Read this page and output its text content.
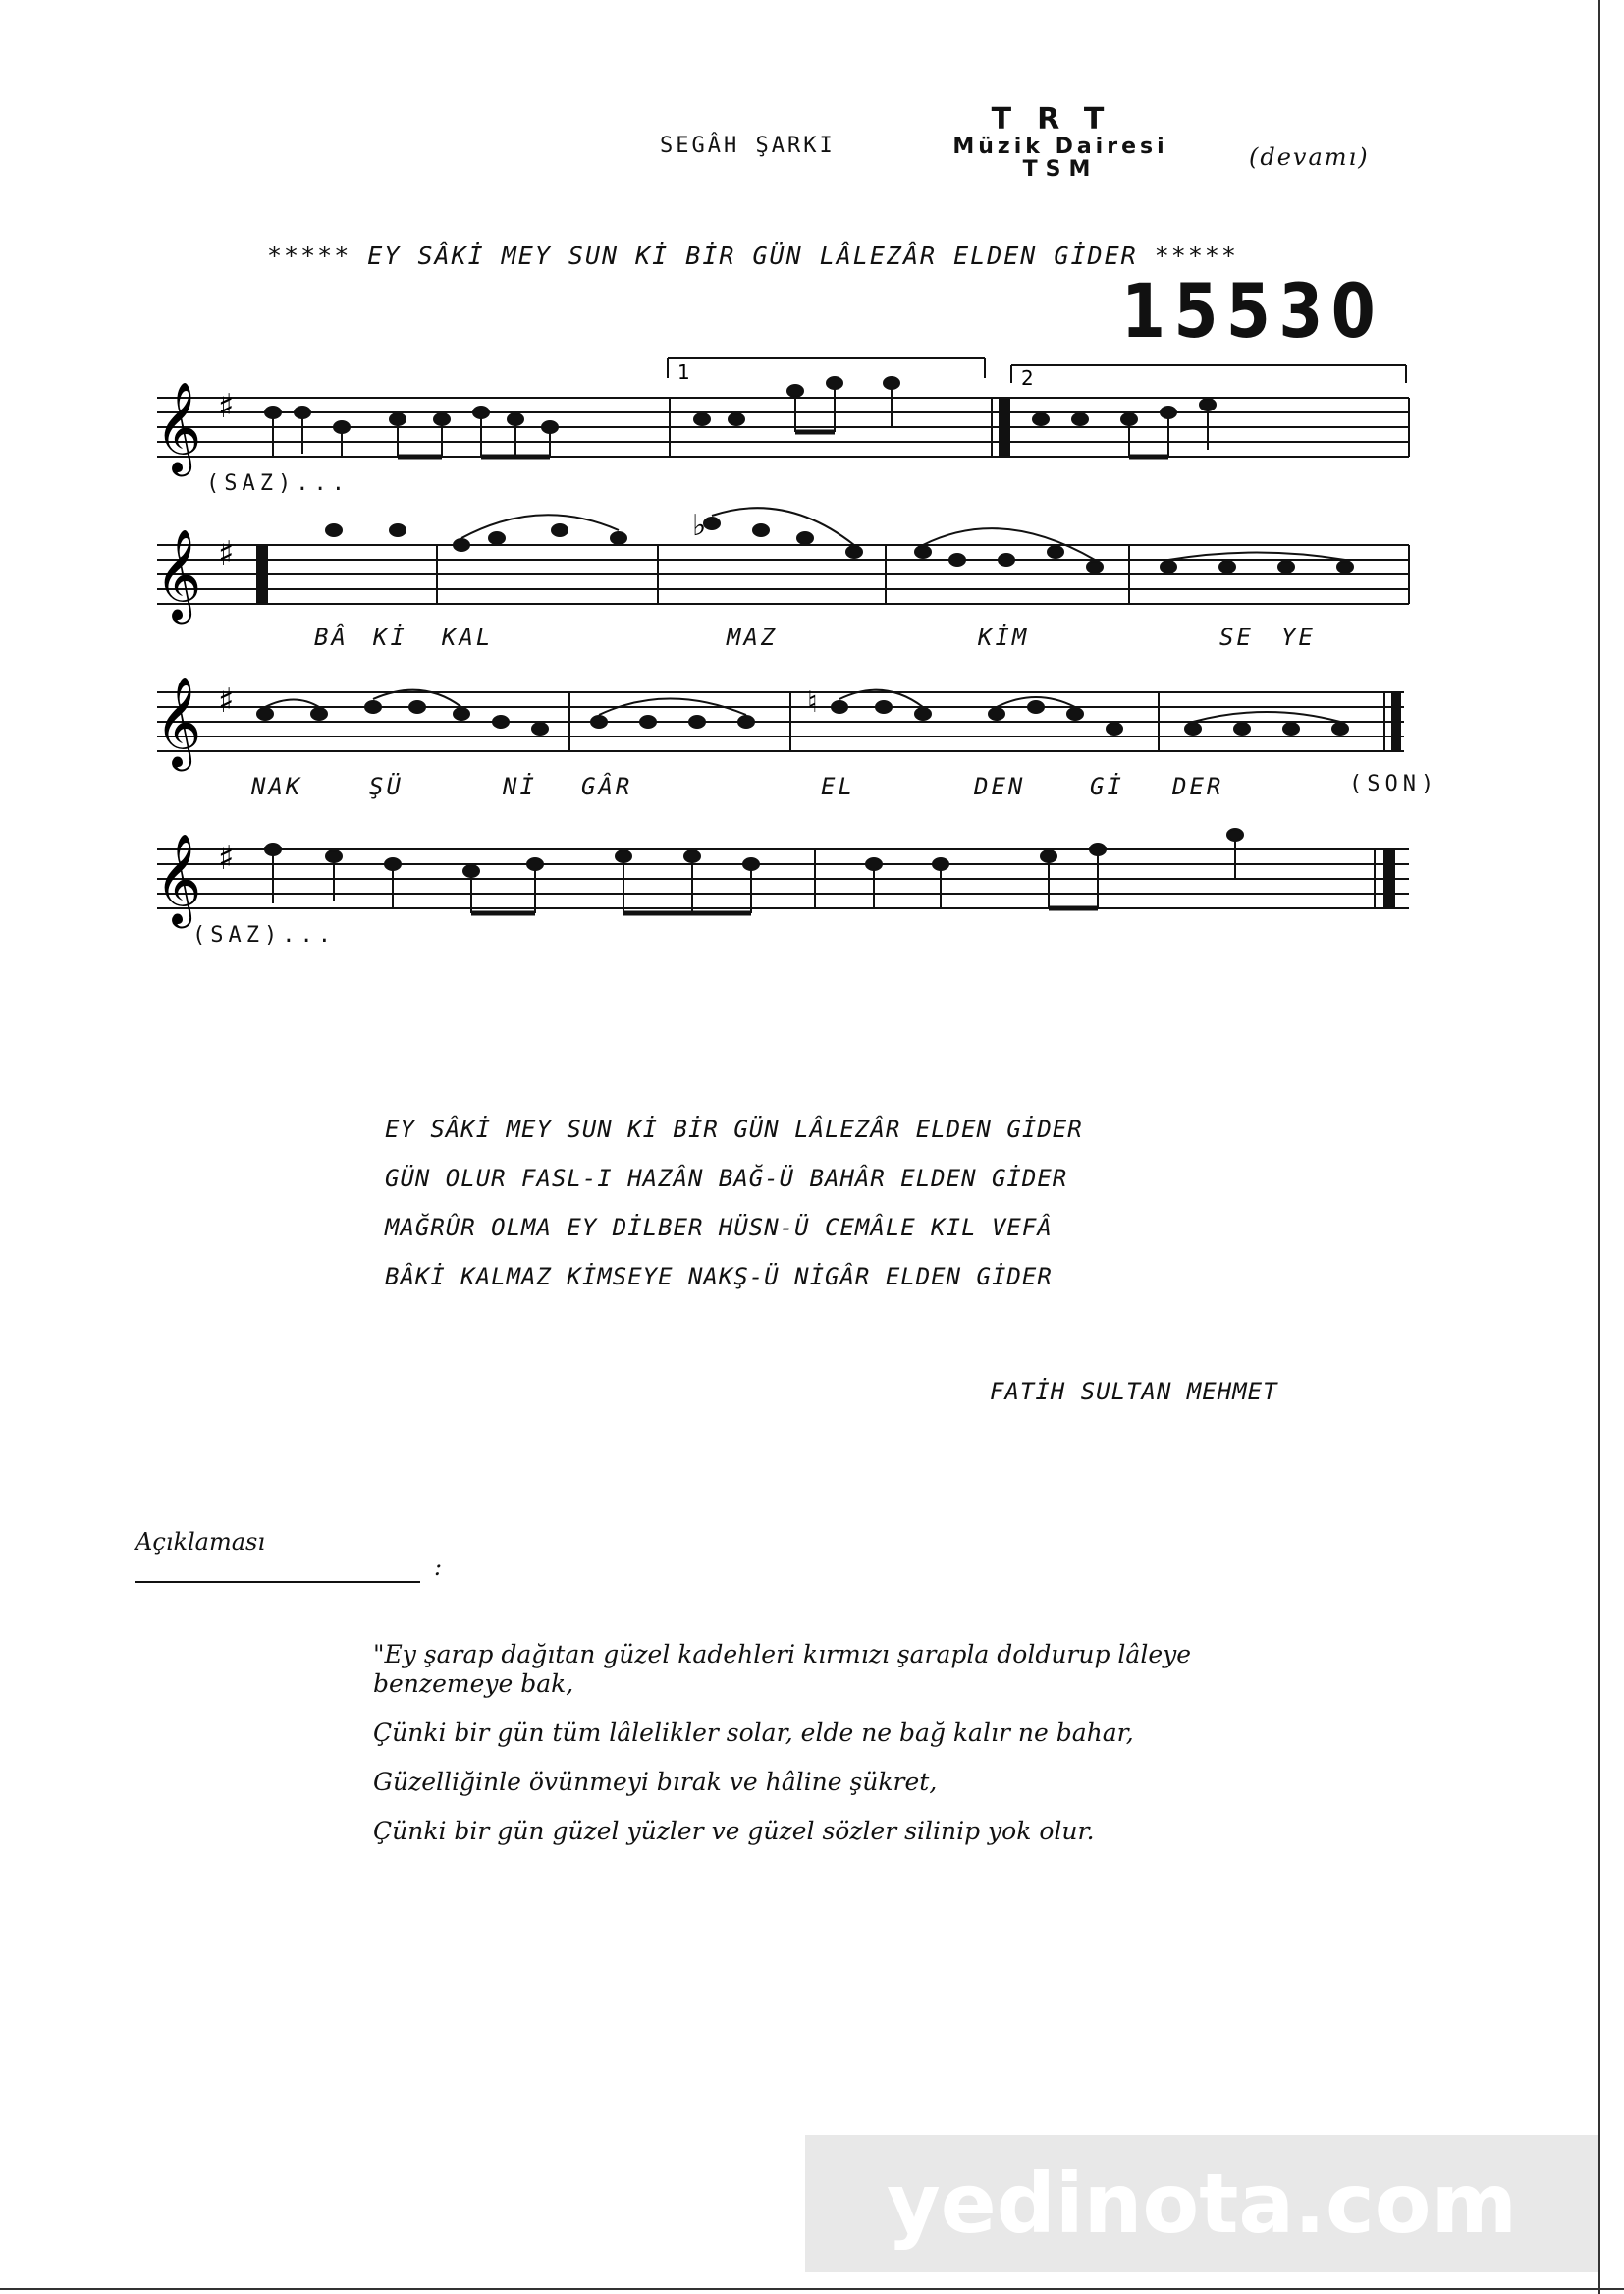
SEGÂH ŞARKI
TRT
Müzik Dairesi
TSM	(devamı)
***** EY SÂKİ MEY SUN Kİ BİR GÜN LÂLEZÂR ELDEN GİDER *****
15530
𝄞 ♯
1	2
(SAZ)...
𝄞 ♯
♭
BÂ Kİ KAL	MAZ	KİM	SE YE
𝄞 ♯	♮
NAK	ŞÜ	Nİ GÂR	EL	DEN	Gİ DER	(SON)
𝄞 ♯
(SAZ)...
EY SÂKİ MEY SUN Kİ BİR GÜN LÂLEZÂR ELDEN GİDER
GÜN OLUR FASL-I HAZÂN BAĞ-Ü BAHÂR ELDEN GİDER
MAĞRÛR OLMA EY DİLBER HÜSN-Ü CEMÂLE KIL VEFÂ
BÂKİ KALMAZ KİMSEYE NAKŞ-Ü NİGÂR ELDEN GİDER
FATİH SULTAN MEHMET
Açıklaması
:

"Ey şarap dağıtan güzel kadehleri kırmızı şarapla doldurup lâleye benzemeye bak,

Çünki bir gün tüm lâlelikler solar, elde ne bağ kalır ne bahar,

Güzelliğinle övünmeyi bırak ve hâline şükret,

Çünki bir gün güzel yüzler ve güzel sözler silinip yok olur.

yedinota.com
